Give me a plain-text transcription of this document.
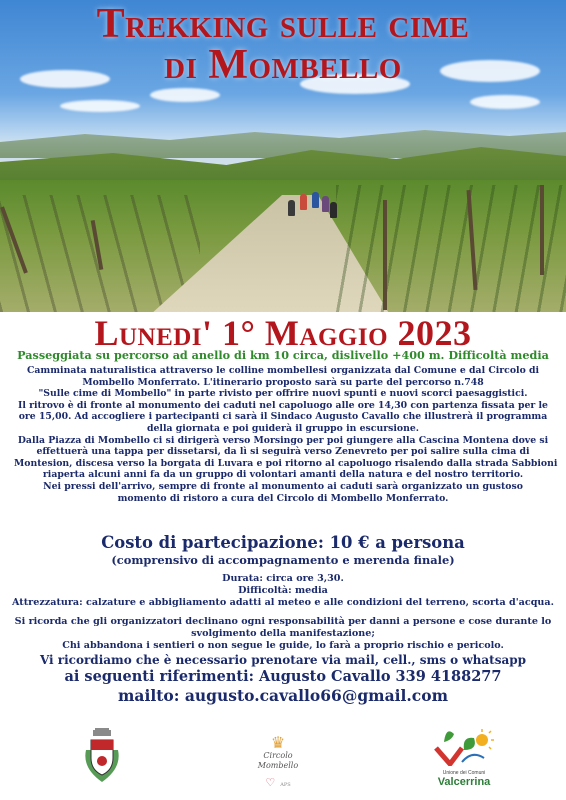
Trekking sulle cime
di Mombello
Lunedi' 1° Maggio 2023
Passeggiata su percorso ad anello di km 10 circa, dislivello +400 m. Difficoltà media

Camminata naturalistica attraverso le colline mombellesi organizzata dal Comune e dal Circolo di

Mombello Monferrato. L'itinerario proposto sarà su parte del percorso n.748

"Sulle cime di Mombello" in parte rivisto per offrire nuovi spunti e nuovi scorci paesaggistici.

Il ritrovo è di fronte al monumento dei caduti nel capoluogo alle ore 14,30 con partenza fissata per le

ore 15,00. Ad accogliere i partecipanti ci sarà il Sindaco Augusto Cavallo che illustrerà il programma

della giornata e poi guiderà il gruppo in escursione.

Dalla Piazza di Mombello ci si dirigerà verso Morsingo per poi giungere alla Cascina Montena dove si

effettuerà una tappa per dissetarsi, da lì si seguirà verso Zenevreto per poi salire sulla cima di

Montesion, discesa verso la borgata di Luvara e poi ritorno al capoluogo risalendo dalla strada Sabbioni

riaperta alcuni anni fa da un gruppo di volontari amanti della natura e del nostro territorio.

Nei pressi dell'arrivo, sempre di fronte al monumento ai caduti sarà organizzato un gustoso

momento di ristoro a cura del Circolo di Mombello Monferrato.

Costo di partecipazione: 10 € a persona
(comprensivo di accompagnamento e merenda finale)

Durata: circa ore 3,30.

Difficoltà: media

Attrezzatura: calzature e abbigliamento adatti al meteo e alle condizioni del terreno, scorta d'acqua.

Si ricorda che gli organizzatori declinano ogni responsabilità per danni a persone e cose durante lo

svolgimento della manifestazione;

Chi abbandona i sentieri o non segue le guide, lo farà a proprio rischio e pericolo.

Vi ricordiamo che è necessario prenotare via mail, cell., sms o whatsapp

ai seguenti riferimenti: Augusto Cavallo 339 4188277

mailto: augusto.cavallo66@gmail.com

♛
Circolo Mombello
♡ APS
Unione dei Comuni
Valcerrina
